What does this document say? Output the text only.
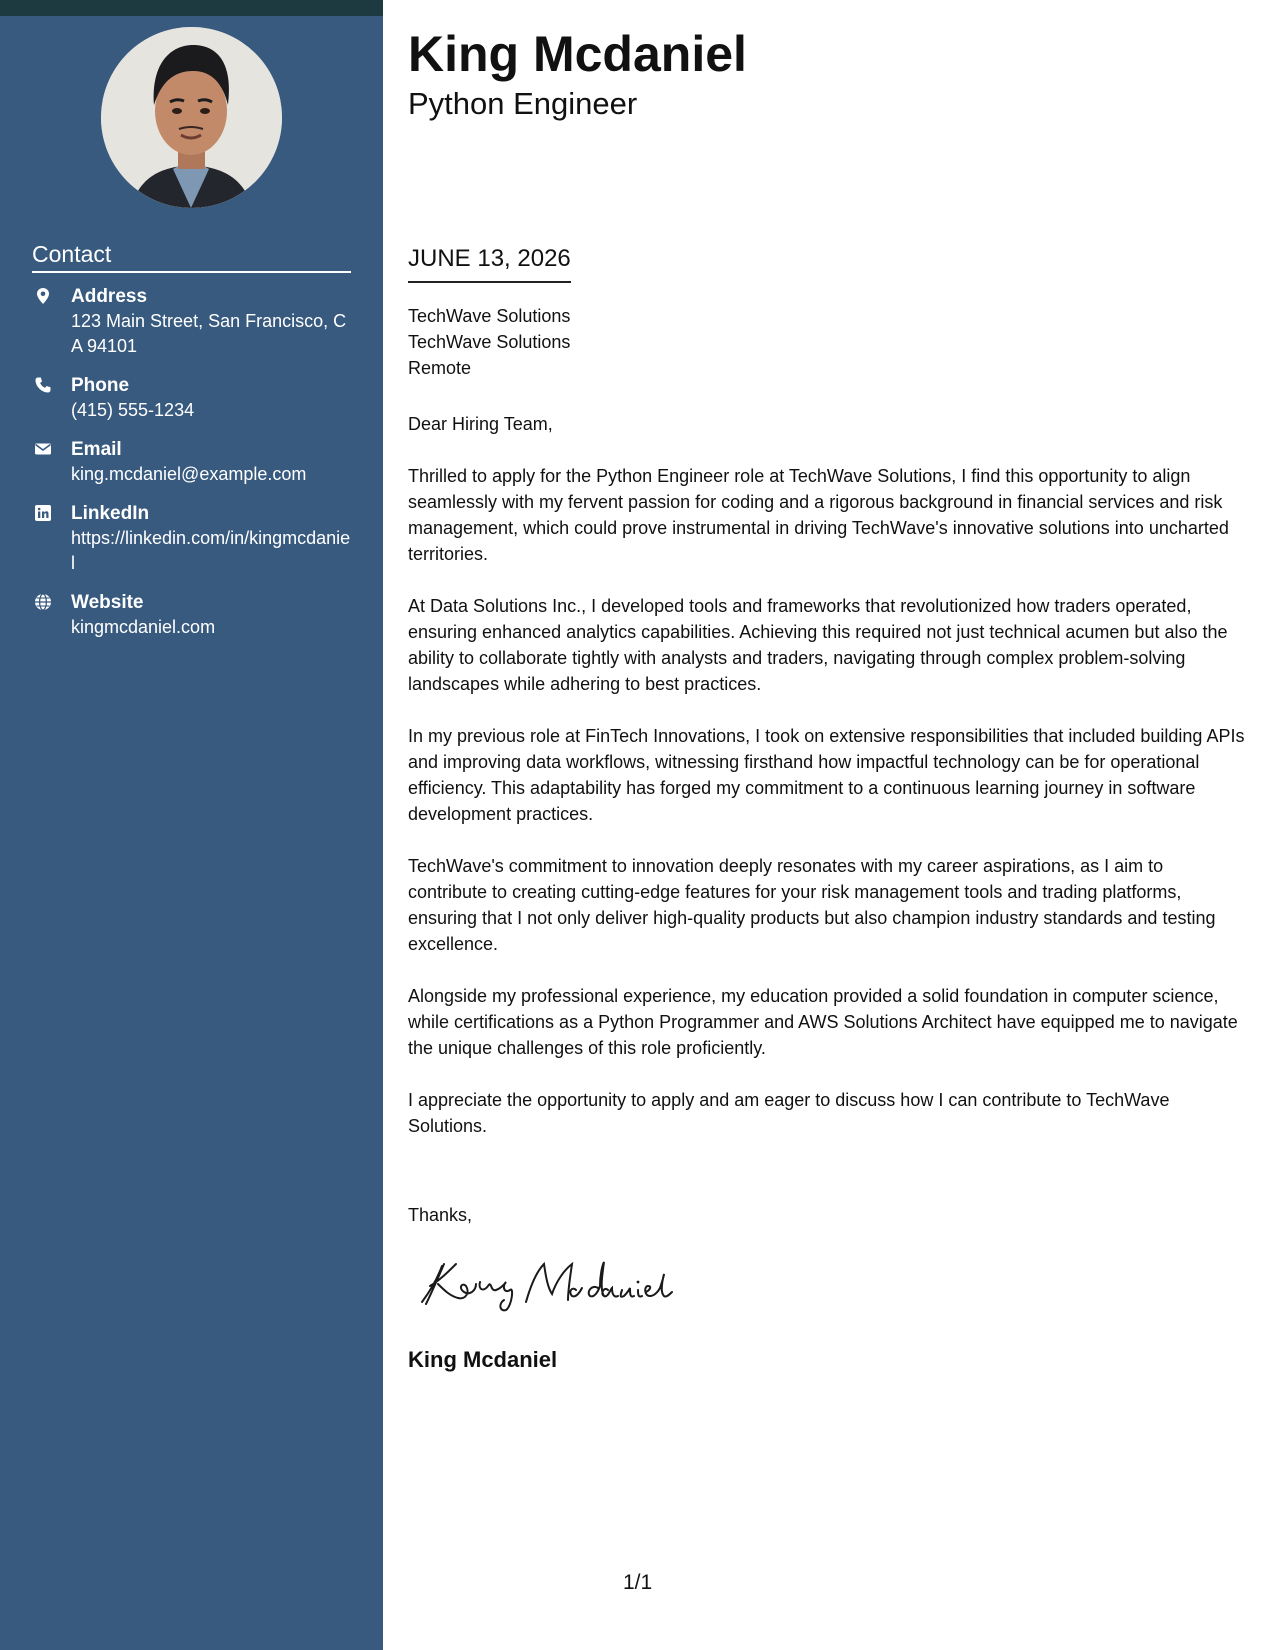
Contact
Address
123 Main Street, San Francisco, CA 94101
Phone
(415) 555-1234
Email
king.mcdaniel@example.com
LinkedIn
https://linkedin.com/in/kingmcdaniel
Website
kingmcdaniel.com
King Mcdaniel
Python Engineer
JUNE 13, 2026
TechWave Solutions
TechWave Solutions
Remote
Dear Hiring Team,

Thrilled to apply for the Python Engineer role at TechWave Solutions, I find this opportunity to align seamlessly with my fervent passion for coding and a rigorous background in financial services and risk management, which could prove instrumental in driving TechWave's innovative solutions into uncharted territories.

At Data Solutions Inc., I developed tools and frameworks that revolutionized how traders operated, ensuring enhanced analytics capabilities. Achieving this required not just technical acumen but also the ability to collaborate tightly with analysts and traders, navigating through complex problem-solving landscapes while adhering to best practices.

In my previous role at FinTech Innovations, I took on extensive responsibilities that included building APIs and improving data workflows, witnessing firsthand how impactful technology can be for operational efficiency. This adaptability has forged my commitment to a continuous learning journey in software development practices.

TechWave's commitment to innovation deeply resonates with my career aspirations, as I aim to contribute to creating cutting-edge features for your risk management tools and trading platforms, ensuring that I not only deliver high-quality products but also champion industry standards and testing excellence.

Alongside my professional experience, my education provided a solid foundation in computer science, while certifications as a Python Programmer and AWS Solutions Architect have equipped me to navigate the unique challenges of this role proficiently.

I appreciate the opportunity to apply and am eager to discuss how I can contribute to TechWave Solutions.

Thanks,
King Mcdaniel
1/1
